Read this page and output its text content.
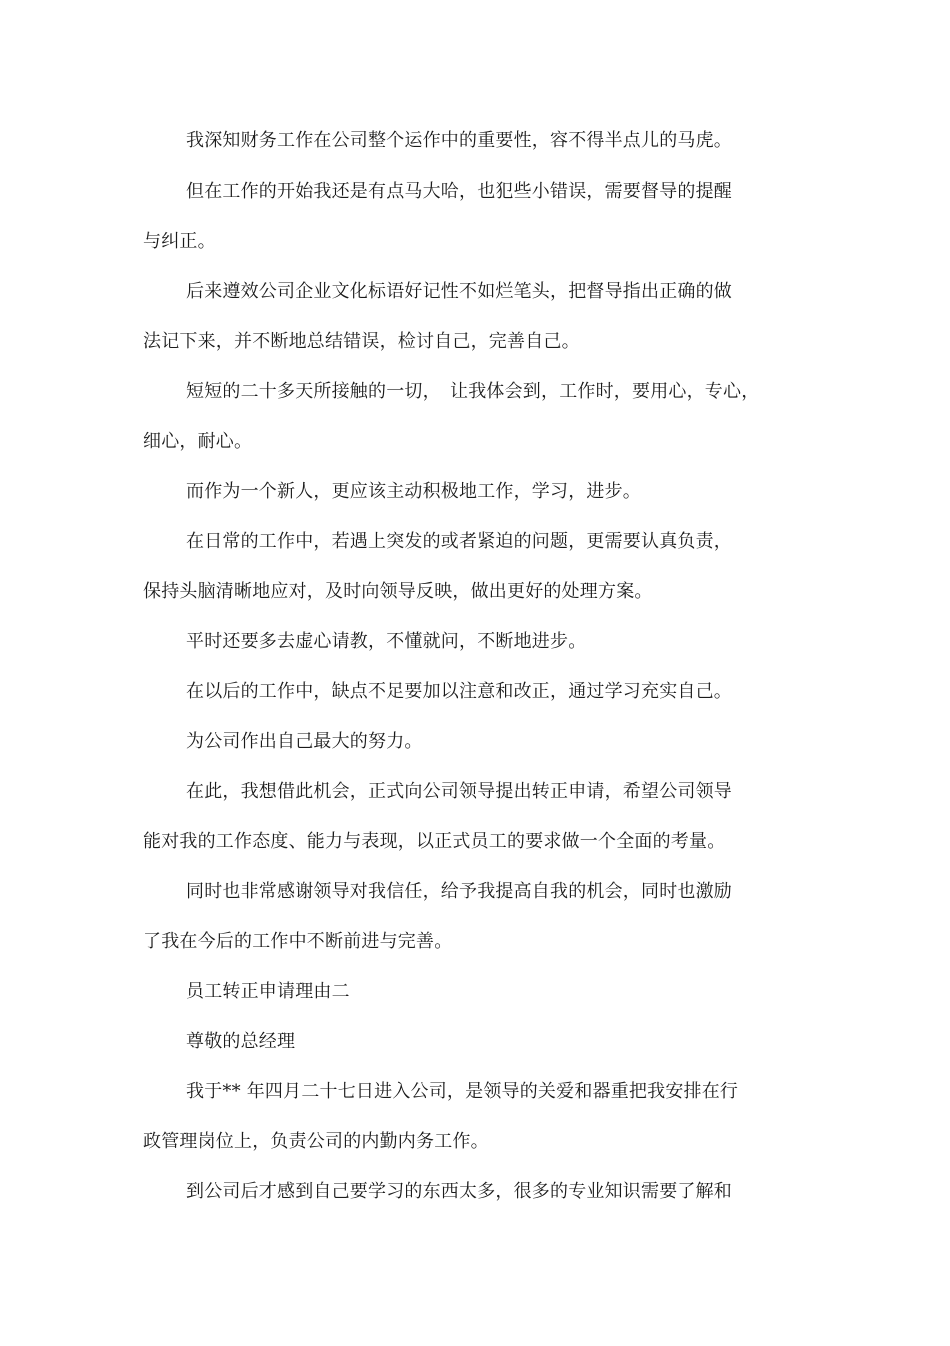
我深知财务工作在公司整个运作中的重要性，容不得半点儿的马虎。

但在工作的开始我还是有点马大哈，也犯些小错误，需要督导的提醒

与纠正。

后来遵效公司企业文化标语好记性不如烂笔头，把督导指出正确的做

法记下来，并不断地总结错误，检讨自己，完善自己。

短短的二十多天所接触的一切，　让我体会到，工作时，要用心，专心，

细心，耐心。

而作为一个新人，更应该主动积极地工作，学习，进步。

在日常的工作中，若遇上突发的或者紧迫的问题，更需要认真负责，

保持头脑清晰地应对，及时向领导反映，做出更好的处理方案。

平时还要多去虚心请教，不懂就问，不断地进步。

在以后的工作中，缺点不足要加以注意和改正，通过学习充实自己。

为公司作出自己最大的努力。

在此，我想借此机会，正式向公司领导提出转正申请，希望公司领导

能对我的工作态度、能力与表现，以正式员工的要求做一个全面的考量。

同时也非常感谢领导对我信任，给予我提高自我的机会，同时也激励

了我在今后的工作中不断前进与完善。

员工转正申请理由二

尊敬的总经理

我于** 年四月二十七日进入公司，是领导的关爱和器重把我安排在行

政管理岗位上，负责公司的内勤内务工作。

到公司后才感到自己要学习的东西太多，很多的专业知识需要了解和
